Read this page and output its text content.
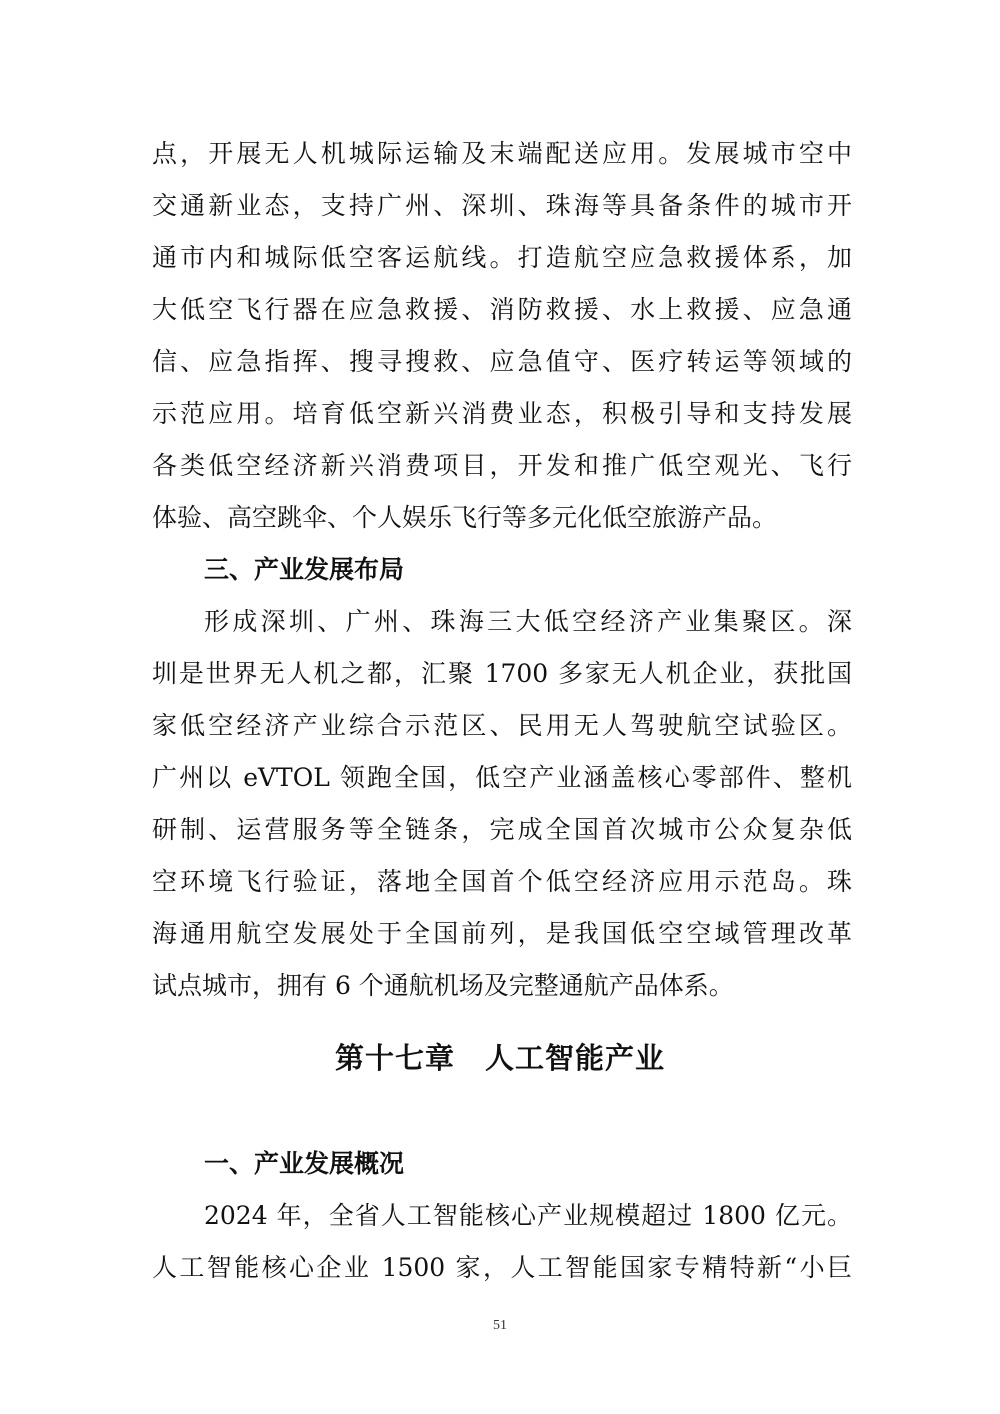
点，开展无人机城际运输及末端配送应用。发展城市空中
交通新业态，支持广州、深圳、珠海等具备条件的城市开
通市内和城际低空客运航线。打造航空应急救援体系，加
大低空飞行器在应急救援、消防救援、水上救援、应急通
信、应急指挥、搜寻搜救、应急值守、医疗转运等领域的
示范应用。培育低空新兴消费业态，积极引导和支持发展
各类低空经济新兴消费项目，开发和推广低空观光、飞行
体验、高空跳伞、个人娱乐飞行等多元化低空旅游产品。
三、产业发展布局
形成深圳、广州、珠海三大低空经济产业集聚区。深
圳是世界无人机之都，汇聚 1700 多家无人机企业，获批国
家低空经济产业综合示范区、民用无人驾驶航空试验区。
广州以 eVTOL 领跑全国，低空产业涵盖核心零部件、整机
研制、运营服务等全链条，完成全国首次城市公众复杂低
空环境飞行验证，落地全国首个低空经济应用示范岛。珠
海通用航空发展处于全国前列，是我国低空空域管理改革
试点城市，拥有 6 个通航机场及完整通航产品体系。
第十七章　人工智能产业
一、产业发展概况
2024 年，全省人工智能核心产业规模超过 1800 亿元。
人工智能核心企业 1500 家，人工智能国家专精特新“小巨
51
